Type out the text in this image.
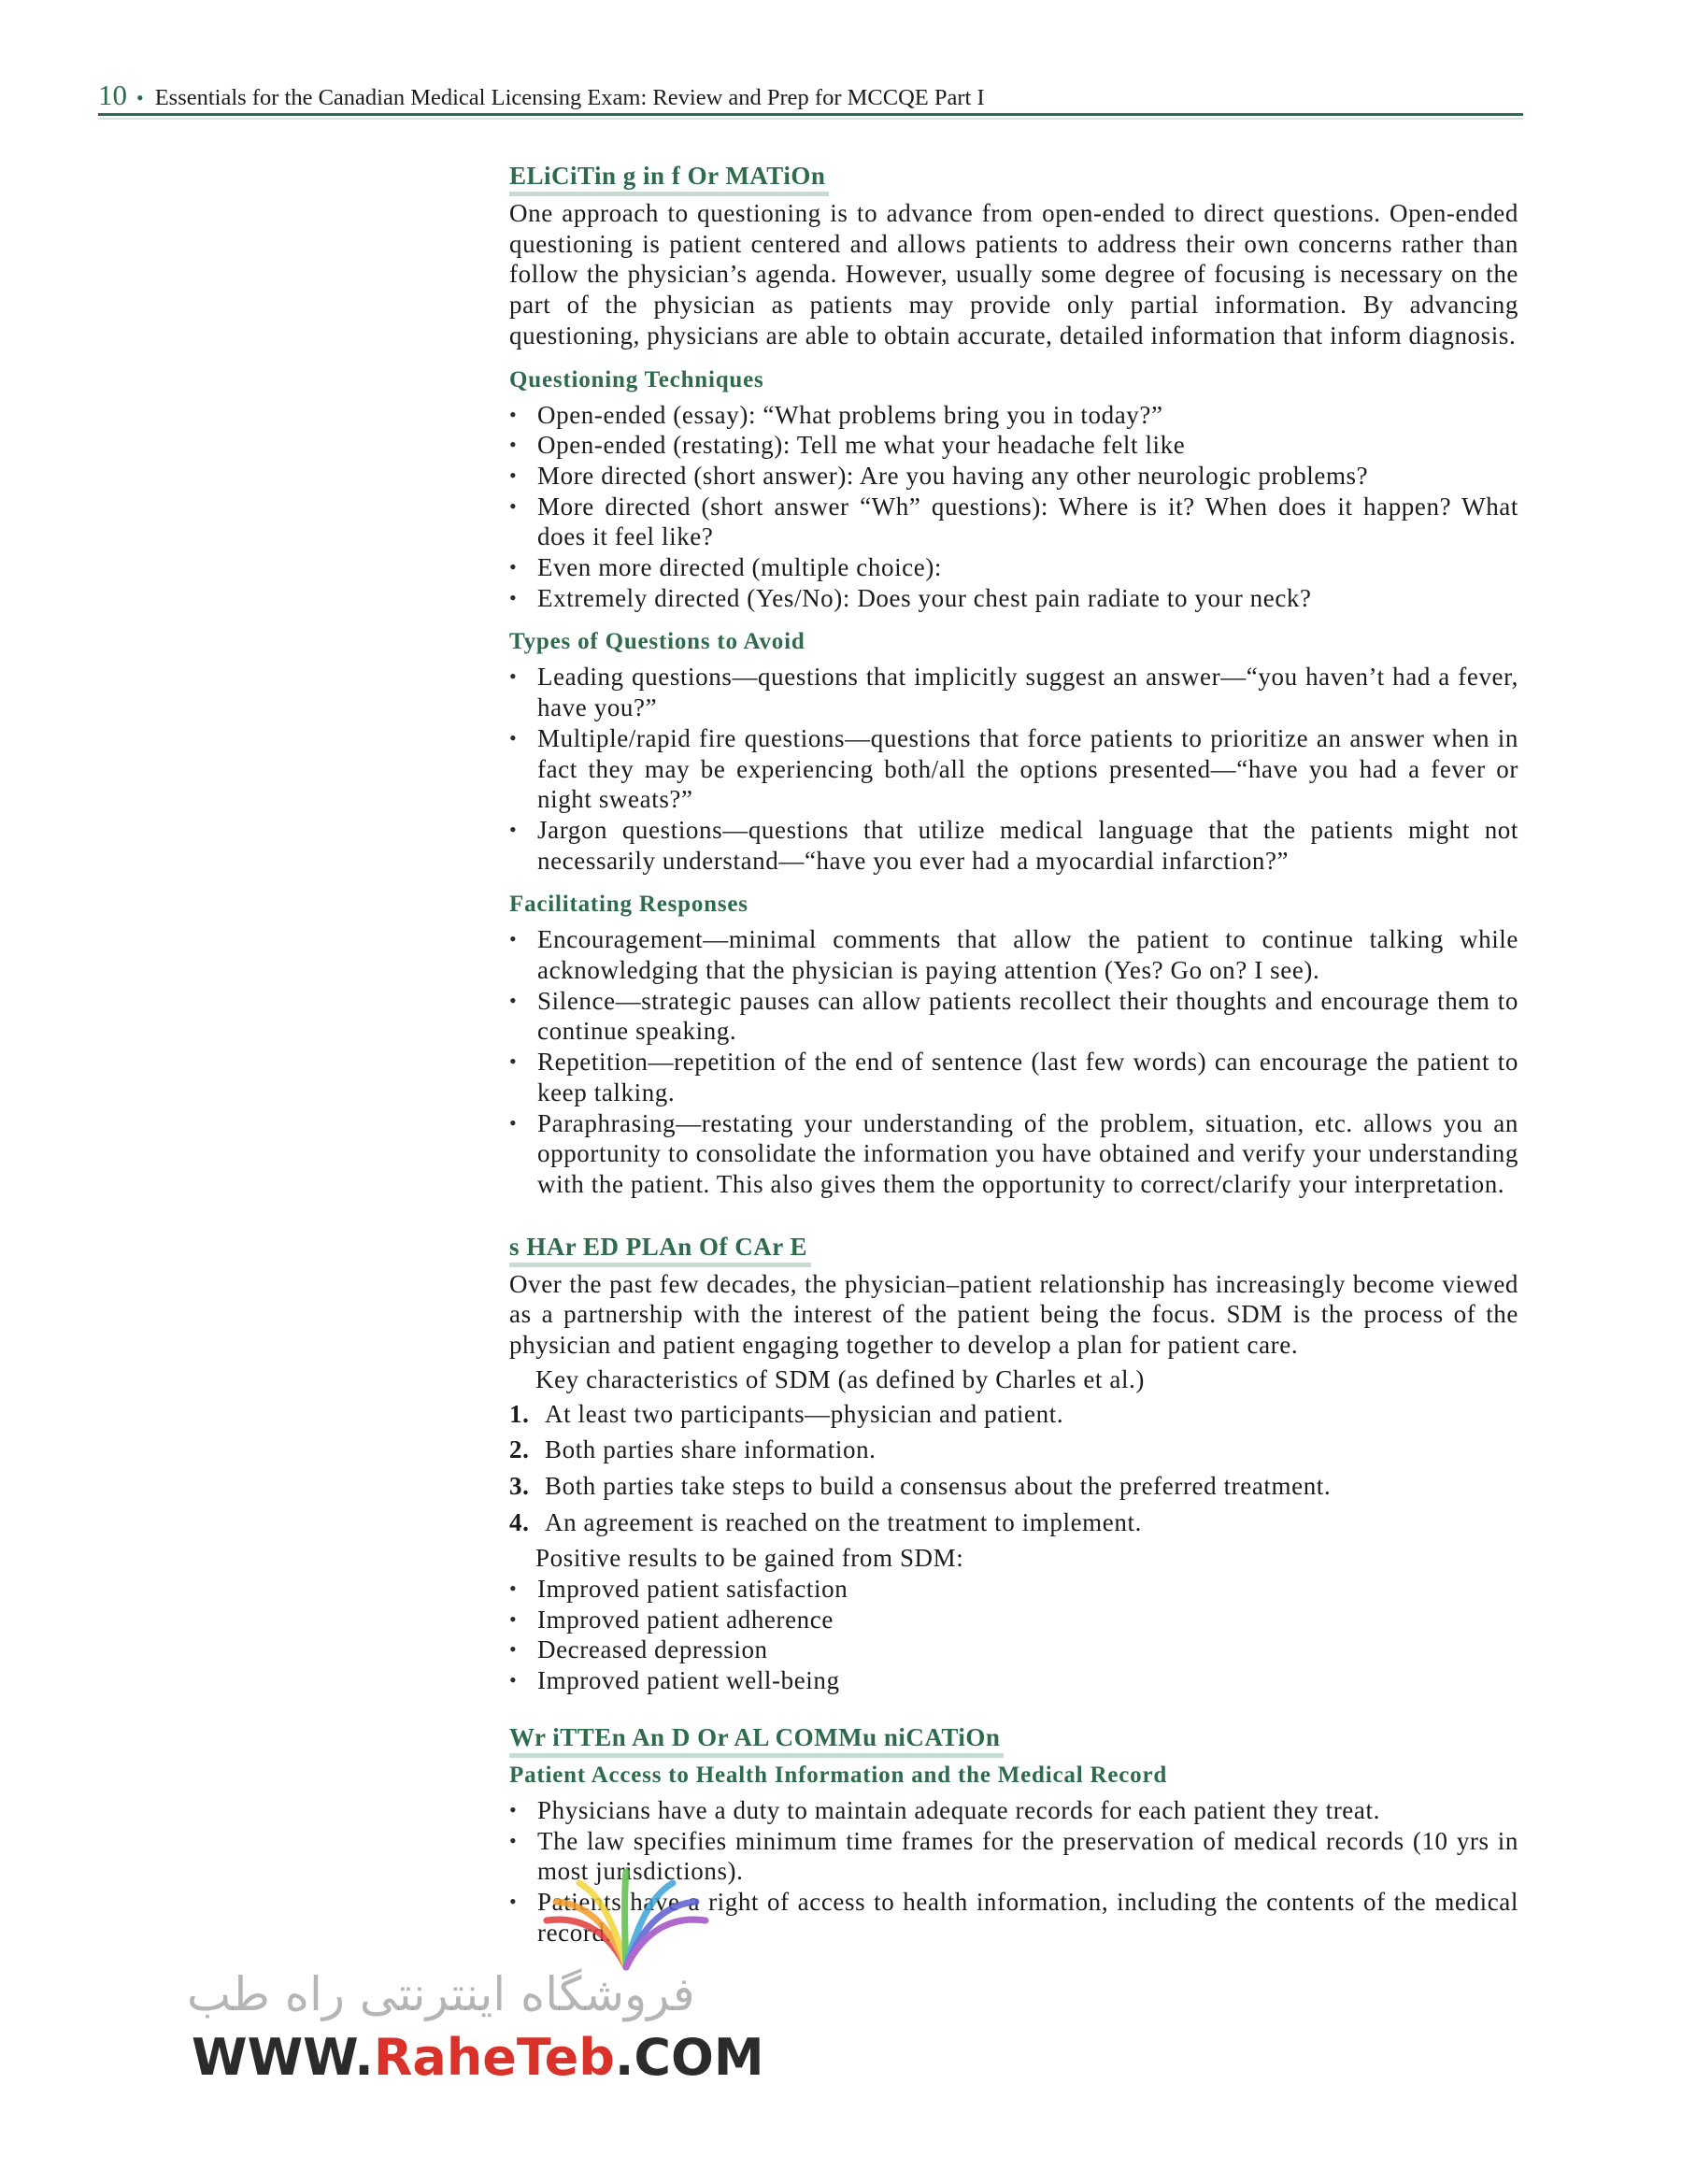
10 • Essentials for the Canadian Medical Licensing Exam: Review and Prep for MCCQE Part I
ELiCiTin g in f Or MATiOn

One approach to questioning is to advance from open-ended to direct questions. Open-ended questioning is patient centered and allows patients to address their own concerns rather than follow the physician’s agenda. However, usually some degree of focusing is necessary on the part of the physician as patients may provide only partial information. By advancing questioning, physicians are able to obtain accurate, detailed information that inform diagnosis.

Questioning Techniques
• Open-ended (essay): “What problems bring you in today?”
• Open-ended (restating): Tell me what your headache felt like
• More directed (short answer): Are you having any other neurologic problems?
• More directed (short answer “Wh” questions): Where is it? When does it happen? What does it feel like?
• Even more directed (multiple choice):
• Extremely directed (Yes/No): Does your chest pain radiate to your neck?
Types of Questions to Avoid
• Leading questions—questions that implicitly suggest an answer—“you haven’t had a fever, have you?”
• Multiple/rapid fire questions—questions that force patients to prioritize an answer when in fact they may be experiencing both/all the options presented—“have you had a fever or night sweats?”
• Jargon questions—questions that utilize medical language that the patients might not necessarily understand—“have you ever had a myocardial infarction?”
Facilitating Responses
• Encouragement—minimal comments that allow the patient to continue talking while acknowledging that the physician is paying attention (Yes? Go on? I see).
• Silence—strategic pauses can allow patients recollect their thoughts and encourage them to continue speaking.
• Repetition—repetition of the end of sentence (last few words) can encourage the patient to keep talking.
• Paraphrasing—restating your understanding of the problem, situation, etc. allows you an opportunity to consolidate the information you have obtained and verify your understanding with the patient. This also gives them the opportunity to correct/clarify your interpretation.
s HAr ED PLAn Of CAr E

Over the past few decades, the physician–patient relationship has increasingly become viewed as a partnership with the interest of the patient being the focus. SDM is the process of the physician and patient engaging together to develop a plan for patient care.

Key characteristics of SDM (as defined by Charles et al.)

1. At least two participants—physician and patient.
2. Both parties share information.
3. Both parties take steps to build a consensus about the preferred treatment.
4. An agreement is reached on the treatment to implement.

Positive results to be gained from SDM:

• Improved patient satisfaction
• Improved patient adherence
• Decreased depression
• Improved patient well-being
Wr iTTEn An D Or AL COMMu niCATiOn
Patient Access to Health Information and the Medical Record
• Physicians have a duty to maintain adequate records for each patient they treat.
• The law specifies minimum time frames for the preservation of medical records (10 yrs in most jurisdictions).
• Patients have a right of access to health information, including the contents of the medical record.
فروشگاه اینترنتی راه طب
WWW.RaheTeb.COM
